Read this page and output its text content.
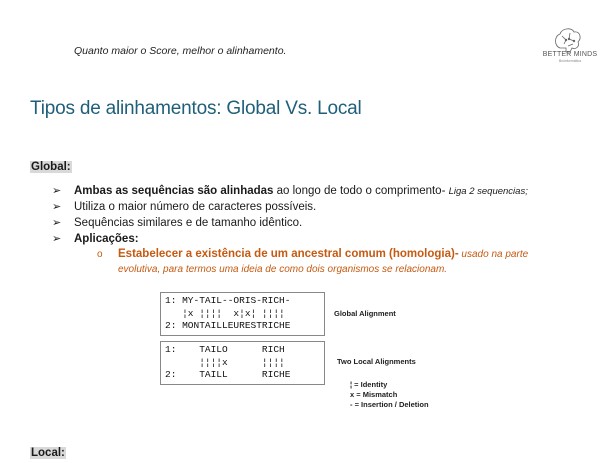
Quanto maior o Score, melhor o alinhamento.	BETTER MINDS
Bioinformática
Tipos de alinhamentos: Global Vs. Local
Global:
➢ Ambas as sequências são alinhadas ao longo de todo o comprimento- Liga 2 sequencias;
➢ Utiliza o maior número de caracteres possíveis.
➢ Sequências similares e de tamanho idêntico.
➢ Aplicações:
o Estabelecer a existência de um ancestral comum (homologia)- usado na parte
evolutiva, para termos uma ideia de como dois organismos se relacionam.
1: MY-TAIL--ORIS-RICH-
¦x ¦¦¦¦  x¦x¦ ¦¦¦¦
2: MONTAILLEURESTRICHE
Global Alignment
1:    TAILO      RICH
¦¦¦¦x      ¦¦¦¦
2:    TAILL      RICHE
Two Local Alignments
¦ = Identity
x = Mismatch
- = Insertion / Deletion
Local:
